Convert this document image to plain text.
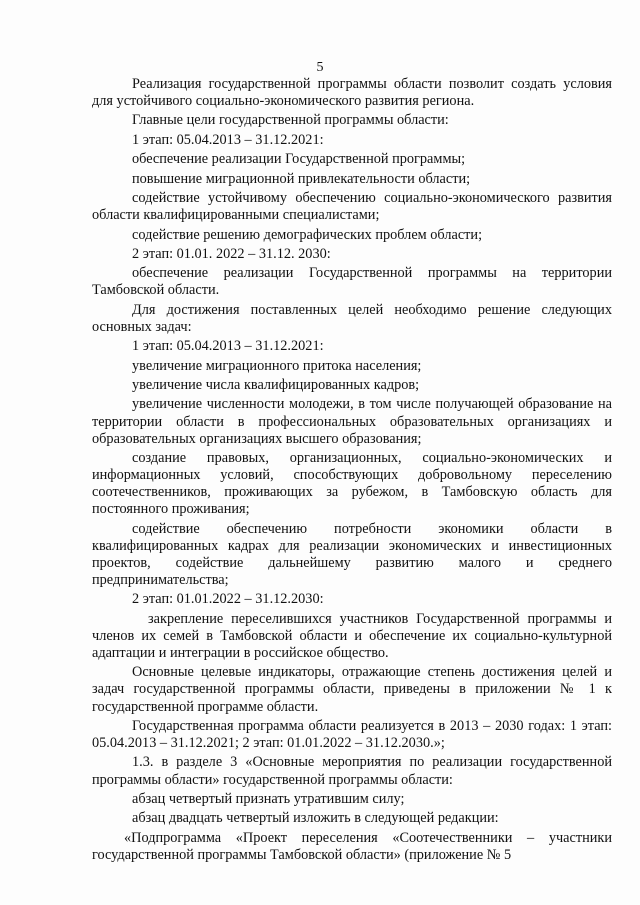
5

Реализация государственной программы области позволит создать условия для устойчивого социально-экономического развития региона.

Главные цели государственной программы области:

1 этап: 05.04.2013 – 31.12.2021:

обеспечение реализации Государственной программы;

повышение миграционной привлекательности области;

содействие устойчивому обеспечению социально-экономического развития области квалифицированными специалистами;

содействие решению демографических проблем области;

2 этап: 01.01. 2022 – 31.12. 2030:

обеспечение реализации Государственной программы на территории Тамбовской области.

Для достижения поставленных целей необходимо решение следующих основных задач:

1 этап: 05.04.2013 – 31.12.2021:

увеличение миграционного притока населения;

увеличение числа квалифицированных кадров;

увеличение численности молодежи, в том числе получающей образование на территории области в профессиональных образовательных организациях и образовательных организациях высшего образования;

создание правовых, организационных, социально-экономических и информационных условий, способствующих добровольному переселению соотечественников, проживающих за рубежом, в Тамбовскую область для постоянного проживания;

содействие обеспечению потребности экономики области в квалифицированных кадрах для реализации экономических и инвестиционных проектов, содействие дальнейшему развитию малого и среднего предпринимательства;

2 этап: 01.01.2022 – 31.12.2030:

закрепление переселившихся участников Государственной программы и членов их семей в Тамбовской области и обеспечение их социально-культурной адаптации и интеграции в российское общество.

Основные целевые индикаторы, отражающие степень достижения целей и задач государственной программы области, приведены в приложении № 1 к государственной программе области.

Государственная программа области реализуется в 2013 – 2030 годах: 1 этап: 05.04.2013 – 31.12.2021; 2 этап: 01.01.2022 – 31.12.2030.»;

1.3. в разделе 3 «Основные мероприятия по реализации государственной программы области» государственной программы области:

абзац четвертый признать утратившим силу;

абзац двадцать четвертый изложить в следующей редакции:

«Подпрограмма «Проект переселения «Соотечественники – участники государственной программы Тамбовской области» (приложение № 5
